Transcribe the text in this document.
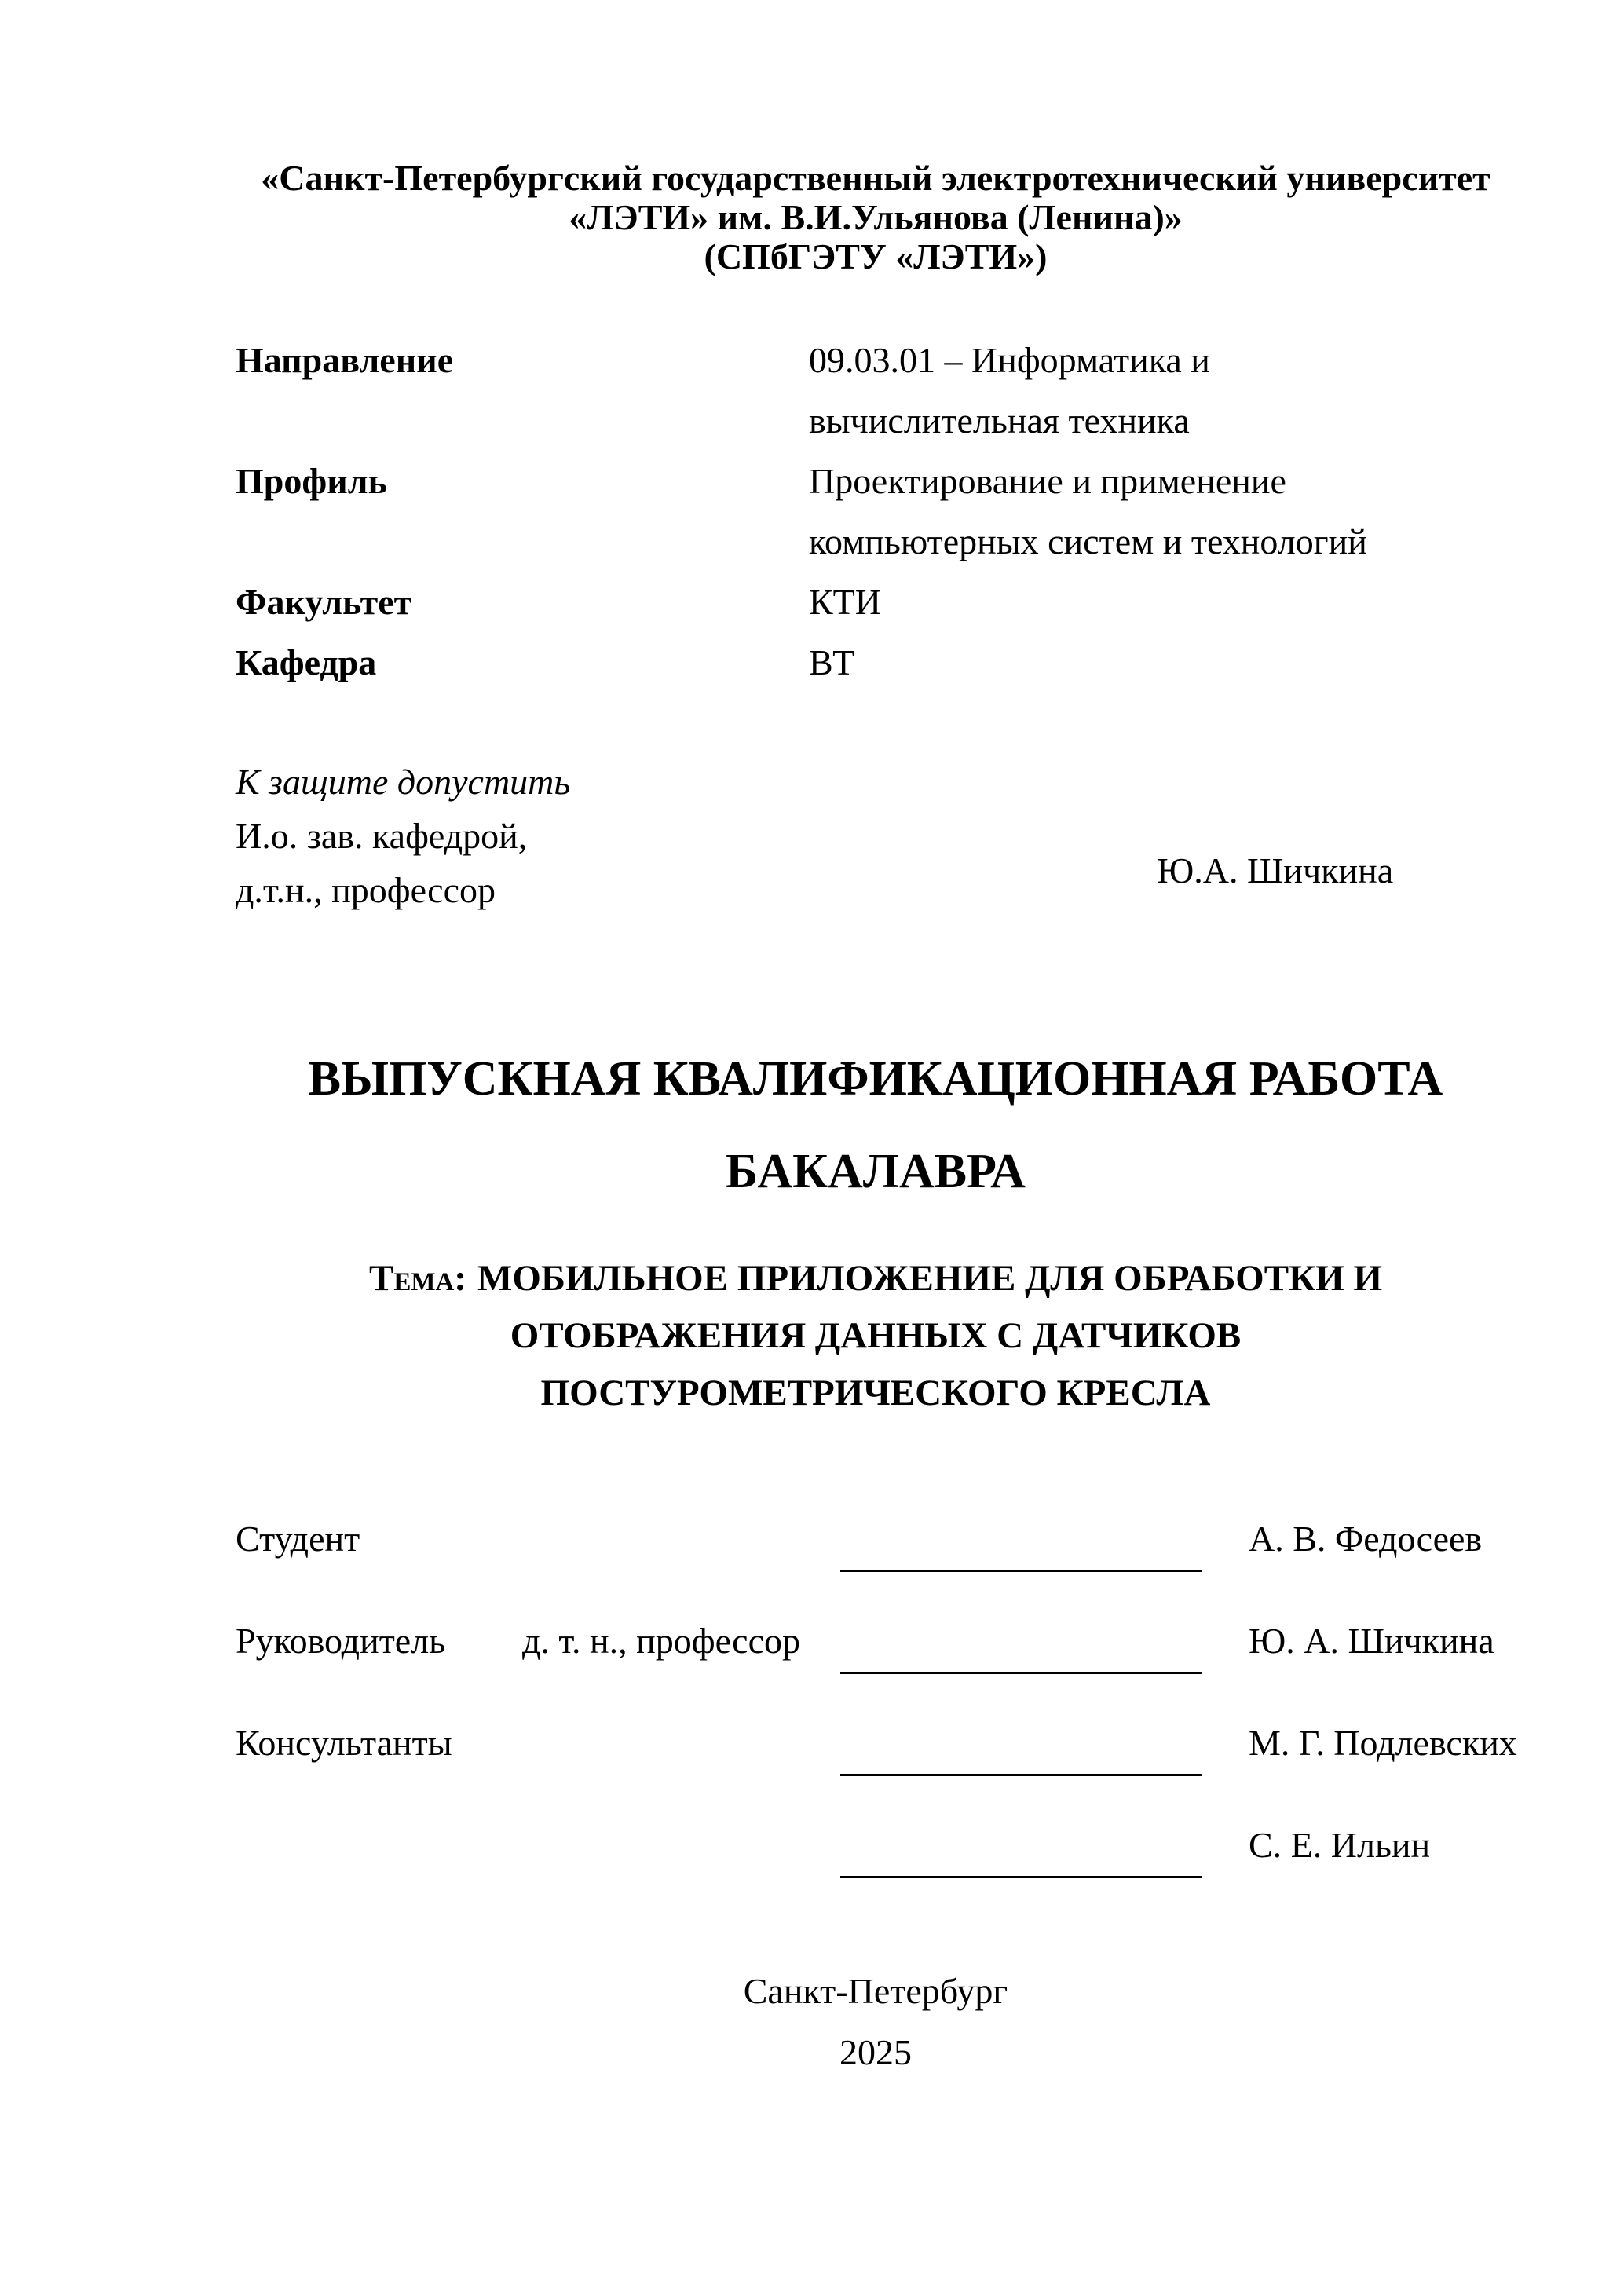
«Санкт-Петербургский государственный электротехнический университет
«ЛЭТИ» им. В.И.Ульянова (Ленина)»
(СПбГЭТУ «ЛЭТИ»)
Направление	09.03.01 – Информатика и
вычислительная техника
Профиль	Проектирование и применение
компьютерных систем и технологий
Факультет	КТИ
Кафедра	ВТ
К защите допустить
И.о. зав. кафедрой,
д.т.н., профессор	Ю.А. Шичкина
ВЫПУСКНАЯ КВАЛИФИКАЦИОННАЯ РАБОТА
БАКАЛАВРА
Тема: МОБИЛЬНОЕ ПРИЛОЖЕНИЕ ДЛЯ ОБРАБОТКИ И
ОТОБРАЖЕНИЯ ДАННЫХ С ДАТЧИКОВ
ПОСТУРОМЕТРИЧЕСКОГО КРЕСЛА
Студент	А. В. Федосеев
Руководитель д. т. н., профессор	Ю. А. Шичкина
Консультанты	М. Г. Подлевских
С. Е. Ильин
Санкт-Петербург
2025
